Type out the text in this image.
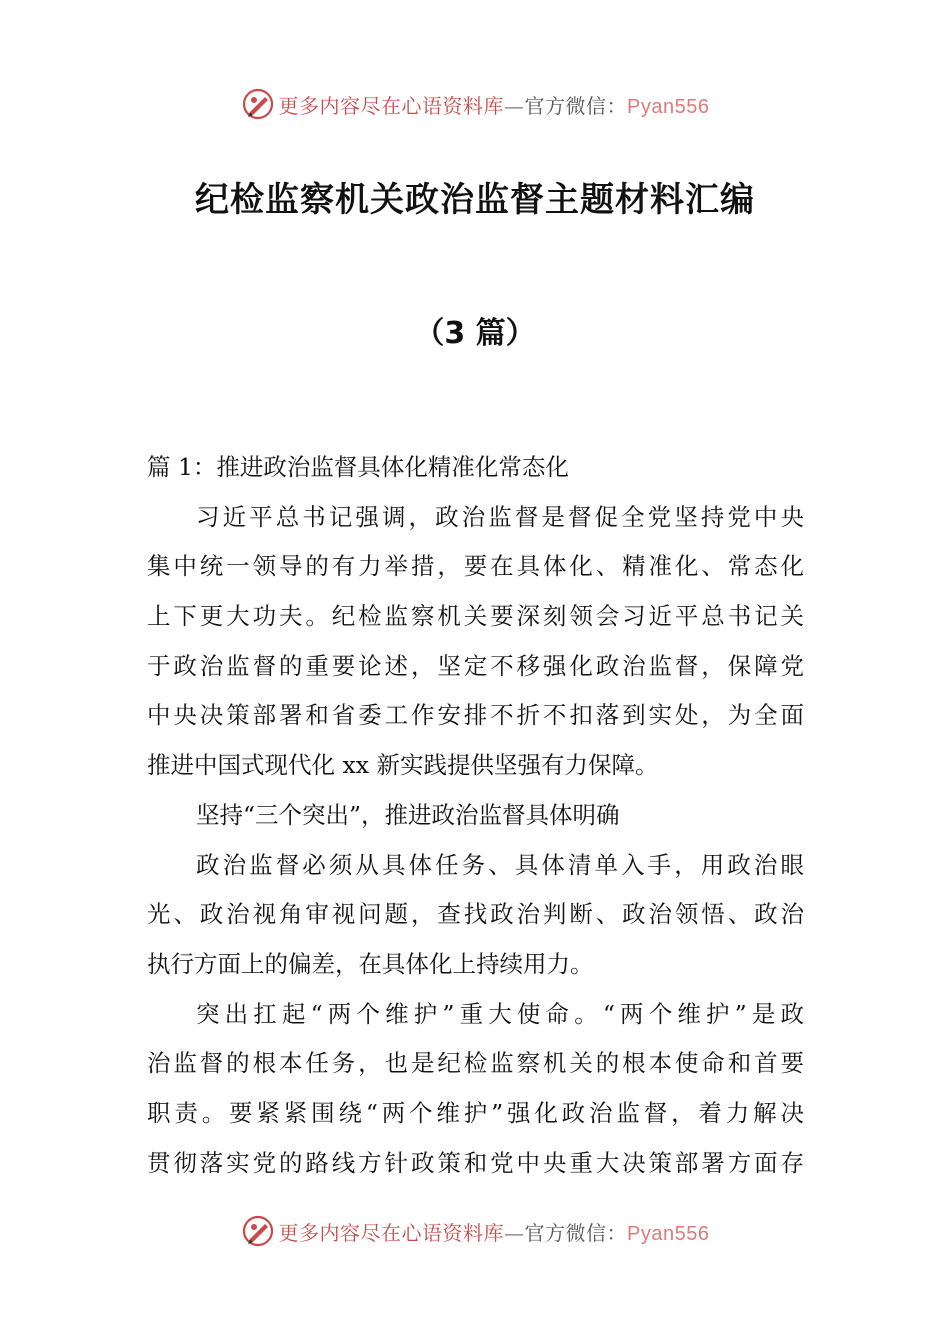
更多内容尽在心语资料库—官方微信：Pyan556
纪检监察机关政治监督主题材料汇编
（3 篇）
篇 1：推进政治监督具体化精准化常态化
习近平总书记强调，政治监督是督促全党坚持党中央
集中统一领导的有力举措，要在具体化、精准化、常态化
上下更大功夫。纪检监察机关要深刻领会习近平总书记关
于政治监督的重要论述，坚定不移强化政治监督，保障党
中央决策部署和省委工作安排不折不扣落到实处，为全面
推进中国式现代化 xx 新实践提供坚强有力保障。
坚持“三个突出”，推进政治监督具体明确
政治监督必须从具体任务、具体清单入手，用政治眼
光、政治视角审视问题，查找政治判断、政治领悟、政治
执行方面上的偏差，在具体化上持续用力。
突出扛起“两个维护”重大使命。“两个维护”是政
治监督的根本任务，也是纪检监察机关的根本使命和首要
职责。要紧紧围绕“两个维护”强化政治监督，着力解决
贯彻落实党的路线方针政策和党中央重大决策部署方面存
更多内容尽在心语资料库—官方微信：Pyan556
